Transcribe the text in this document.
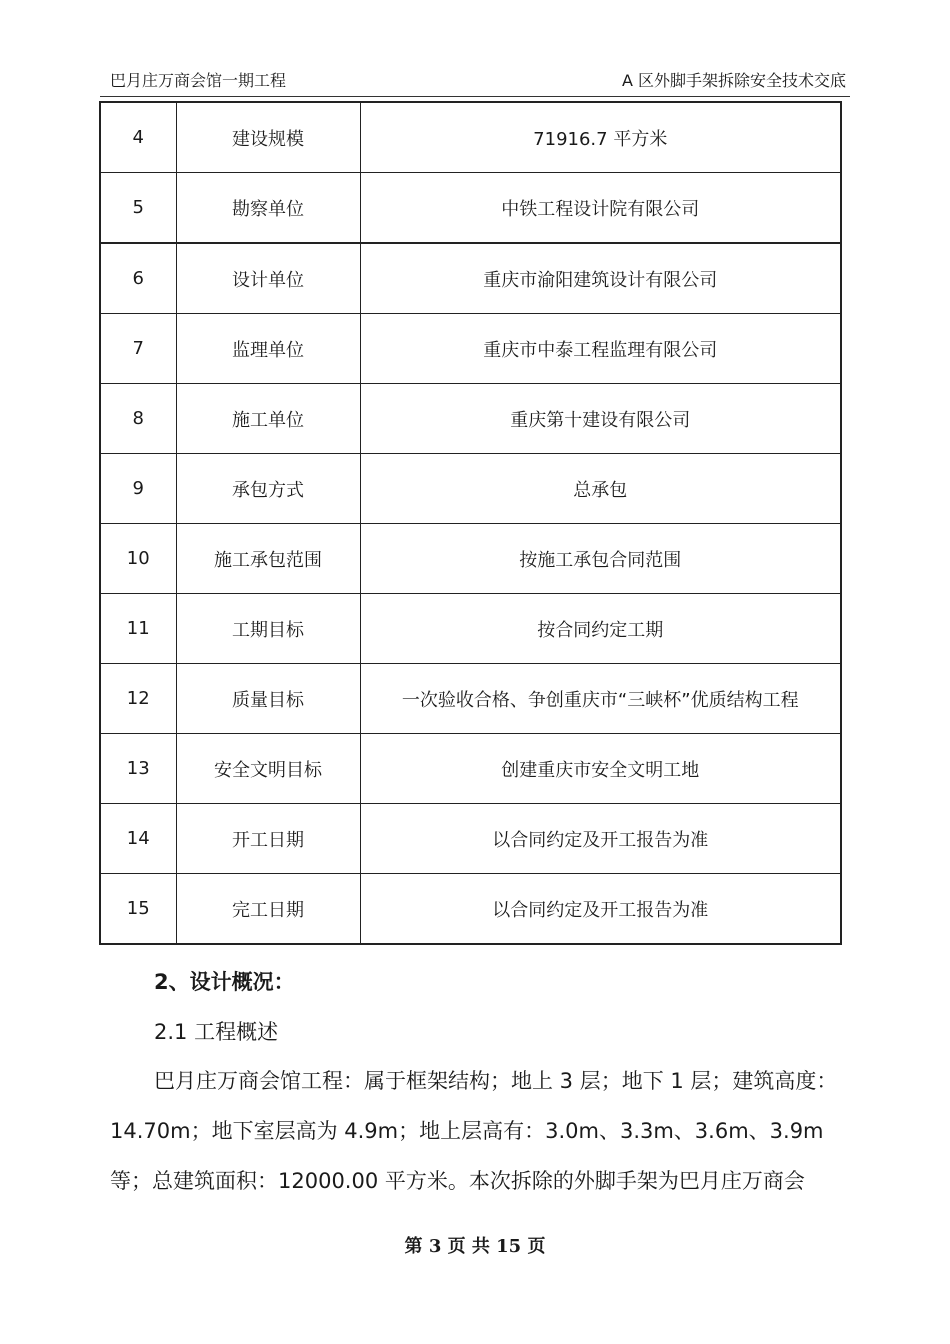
巴月庄万商会馆一期工程	A 区外脚手架拆除安全技术交底
4	建设规模	71916.7 平方米
5	勘察单位	中铁工程设计院有限公司
6	设计单位	重庆市渝阳建筑设计有限公司
7	监理单位	重庆市中泰工程监理有限公司
8	施工单位	重庆第十建设有限公司
9	承包方式	总承包
10	施工承包范围	按施工承包合同范围
11	工期目标	按合同约定工期
12	质量目标	一次验收合格、争创重庆市“三峡杯”优质结构工程
13	安全文明目标	创建重庆市安全文明工地
14	开工日期	以合同约定及开工报告为准
15	完工日期	以合同约定及开工报告为准
2、设计概况：
2.1 工程概述
巴月庄万商会馆工程：属于框架结构；地上 3 层；地下 1 层；建筑高度：
14.70m；地下室层高为 4.9m；地上层高有：3.0m、3.3m、3.6m、3.9m
等；总建筑面积：12000.00 平方米。本次拆除的外脚手架为巴月庄万商会
第 3 页 共 15 页
